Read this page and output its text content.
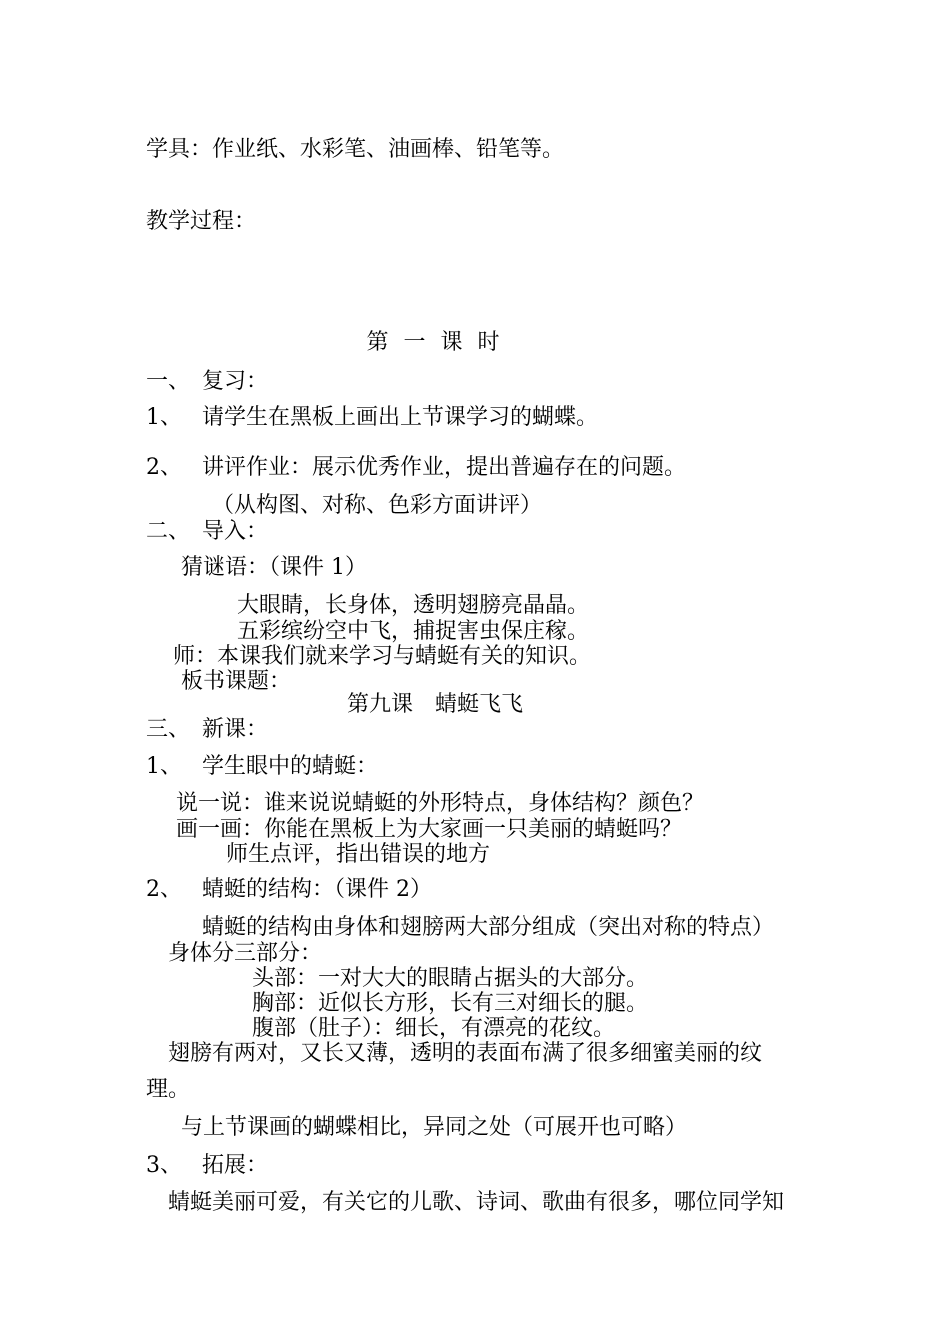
学具：作业纸、水彩笔、油画棒、铅笔等。
教学过程：
第 一 课 时
一、 复习：
1、 请学生在黑板上画出上节课学习的蝴蝶。
2、 讲评作业：展示优秀作业，提出普遍存在的问题。
（从构图、对称、色彩方面讲评）
二、 导入：
猜谜语：（课件 1）
大眼睛，长身体，透明翅膀亮晶晶。
五彩缤纷空中飞，捕捉害虫保庄稼。
师：本课我们就来学习与蜻蜓有关的知识。
板书课题：
第九课　蜻蜓飞飞
三、 新课：
1、 学生眼中的蜻蜓：
说一说：谁来说说蜻蜓的外形特点，身体结构？颜色？
画一画：你能在黑板上为大家画一只美丽的蜻蜓吗？
师生点评，指出错误的地方
2、 蜻蜓的结构：（课件 2）
蜻蜓的结构由身体和翅膀两大部分组成（突出对称的特点）
身体分三部分：
头部：一对大大的眼睛占据头的大部分。
胸部：近似长方形，长有三对细长的腿。
腹部（肚子）：细长，有漂亮的花纹。
翅膀有两对，又长又薄，透明的表面布满了很多细蜜美丽的纹
理。
与上节课画的蝴蝶相比，异同之处（可展开也可略）
3、 拓展：
蜻蜓美丽可爱，有关它的儿歌、诗词、歌曲有很多，哪位同学知
